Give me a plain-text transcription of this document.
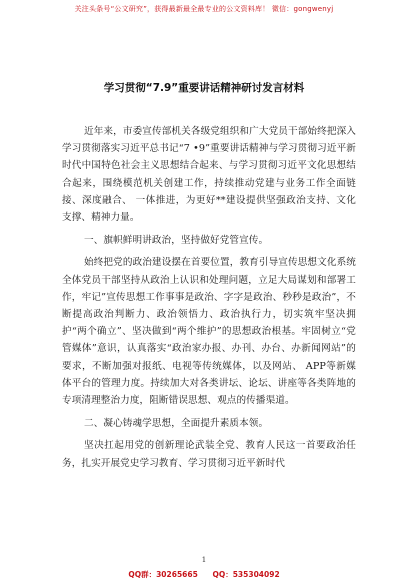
关注头条号“公文研究”，获得最新最全最专业的公文资料库！ 微信：gongwenyj
学习贯彻“7.9”重要讲话精神研讨发言材料

近年来，市委宣传部机关各级党组织和广大党员干部始终把深入学习贯彻落实习近平总书记“7 •9”重要讲话精神与学习贯彻习近平新时代中国特色社会主义思想结合起来、与学习贯彻习近平文化思想结合起来，围绕模范机关创建工作，持续推动党建与业务工作全面链接、深度融合、 一体推进，为更好**建设提供坚强政治支持、文化支撑、精神力量。

一、旗帜鲜明讲政治，坚持做好党管宣传。

始终把党的政治建设摆在首要位置，教育引导宣传思想文化系统全体党员干部坚持从政治上认识和处理问题，立足大局谋划和部署工作，牢记”宣传思想工作事事是政治、字字是政治、秒秒是政治”，不断提高政治判断力、政治领悟力、政治执行力，切实筑牢坚决拥护“两个确立”、坚决做到“两个维护”的思想政治根基。牢固树立“党管媒体”意识，认真落实“政治家办报、办刊、办台、办新闻网站”的要求，不断加强对报纸、电视等传统媒体，以及网站、 APP等新媒体平台的管理力度。持续加大对各类讲坛、论坛、讲座等各类阵地的专项清理整治力度，阻断错误思想、观点的传播渠道。

二、凝心铸魂学思想，全面提升素质本领。

坚决扛起用党的创新理论武装全党、教育人民这一首要政治任务，扎实开展党史学习教育、学习贯彻习近平新时代

1
QQ群：30265665 QQ：535304092
